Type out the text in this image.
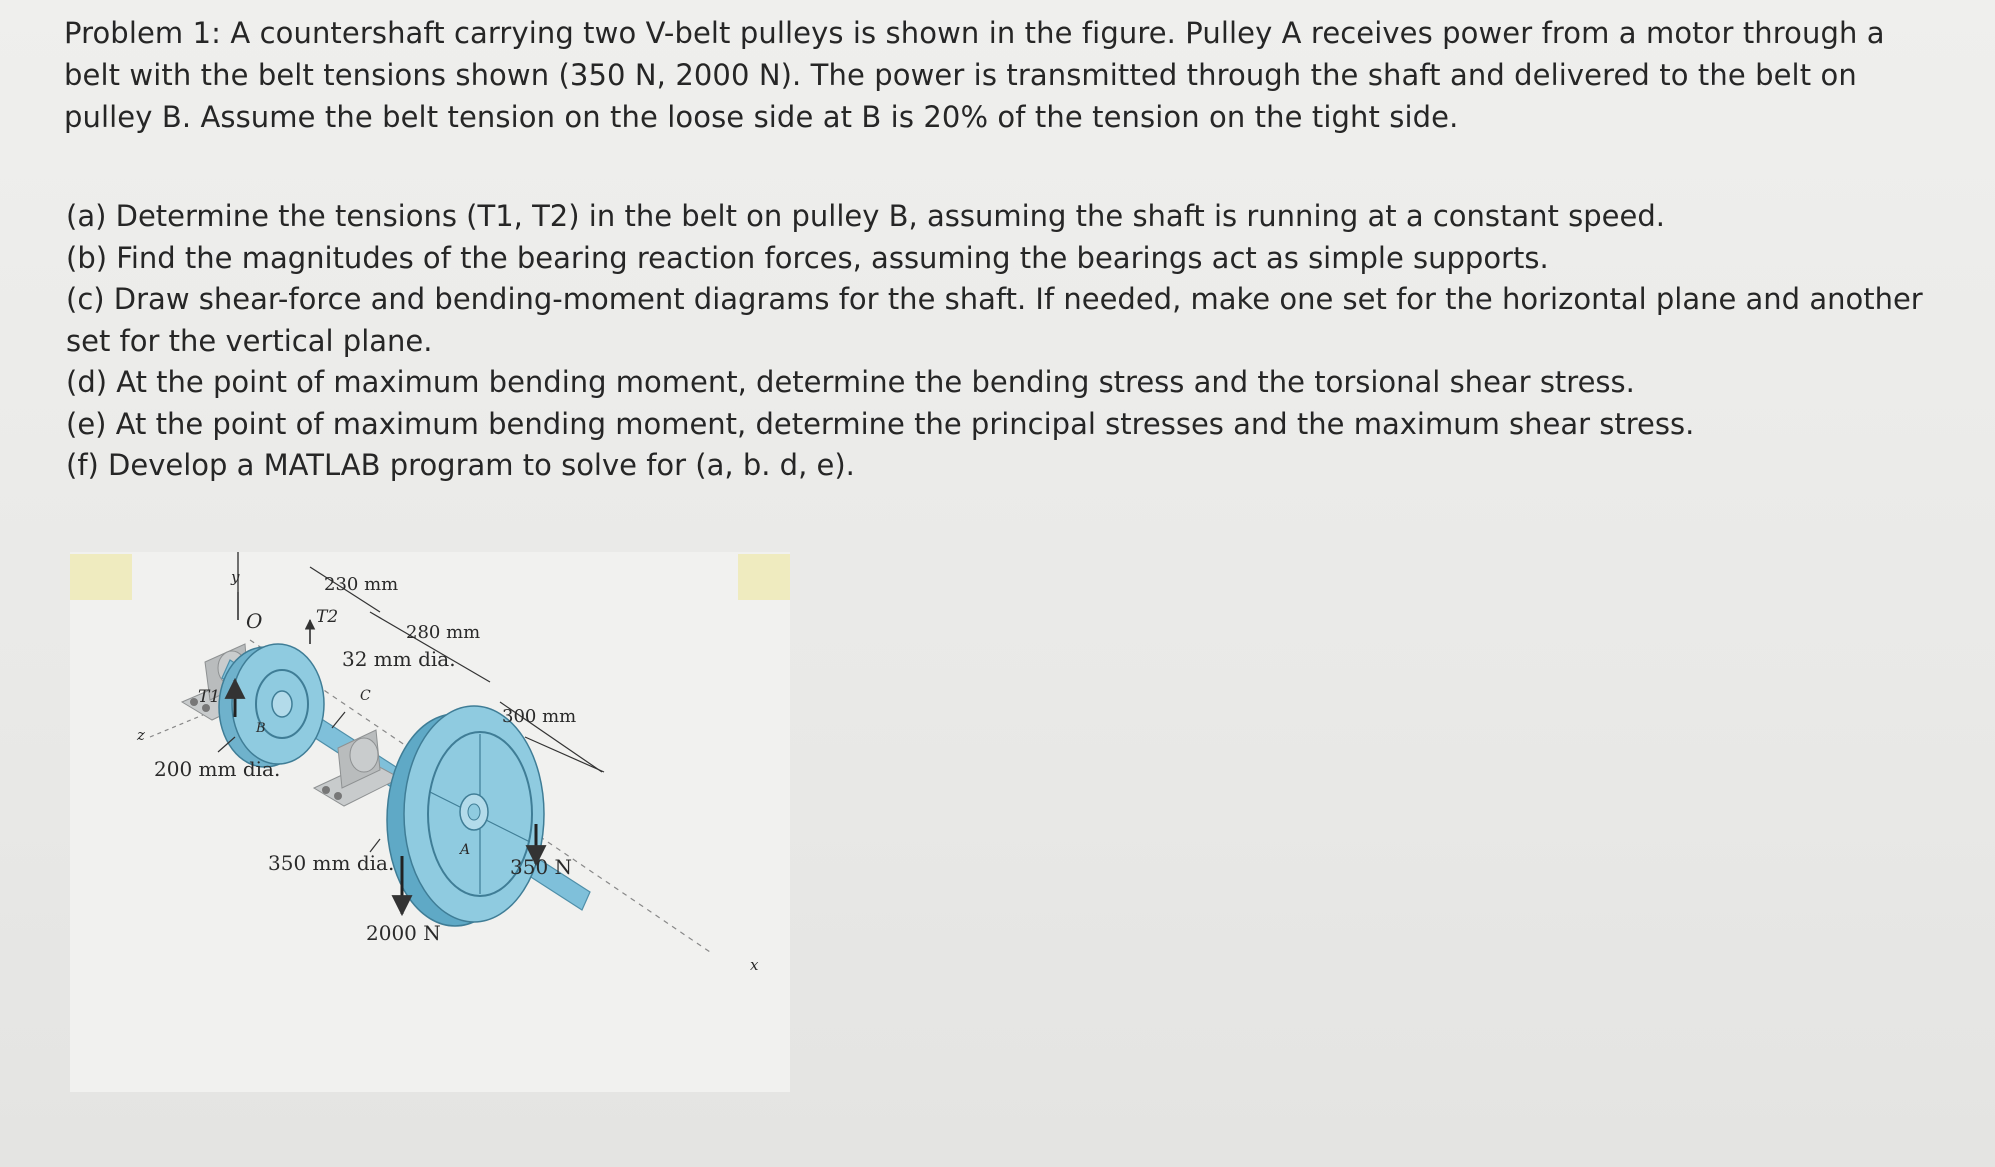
Problem 1: A countershaft carrying two V-belt pulleys is shown in the figure. Pulley A receives power from a motor through a

belt with the belt tensions shown (350 N, 2000 N). The power is transmitted through the shaft and delivered to the belt on

pulley B. Assume the belt tension on the loose side at B is 20% of the tension on the tight side.

(a) Determine the tensions (T1, T2) in the belt on pulley B, assuming the shaft is running at a constant speed.
(b) Find the magnitudes of the bearing reaction forces, assuming the bearings act as simple supports.
(c) Draw shear-force and bending-moment diagrams for the shaft. If needed, make one set for the horizontal plane and another set for the vertical plane.
(d) At the point of maximum bending moment, determine the bending stress and the torsional shear stress.
(e) At the point of maximum bending moment, determine the principal stresses and the maximum shear stress.
(f) Develop a MATLAB program to solve for (a, b. d, e).
y
O
z
x
B
T1
T2
230 mm
280 mm
32 mm dia.
C
A
300 mm
200 mm dia.
350 mm dia.
2000 N
350 N
